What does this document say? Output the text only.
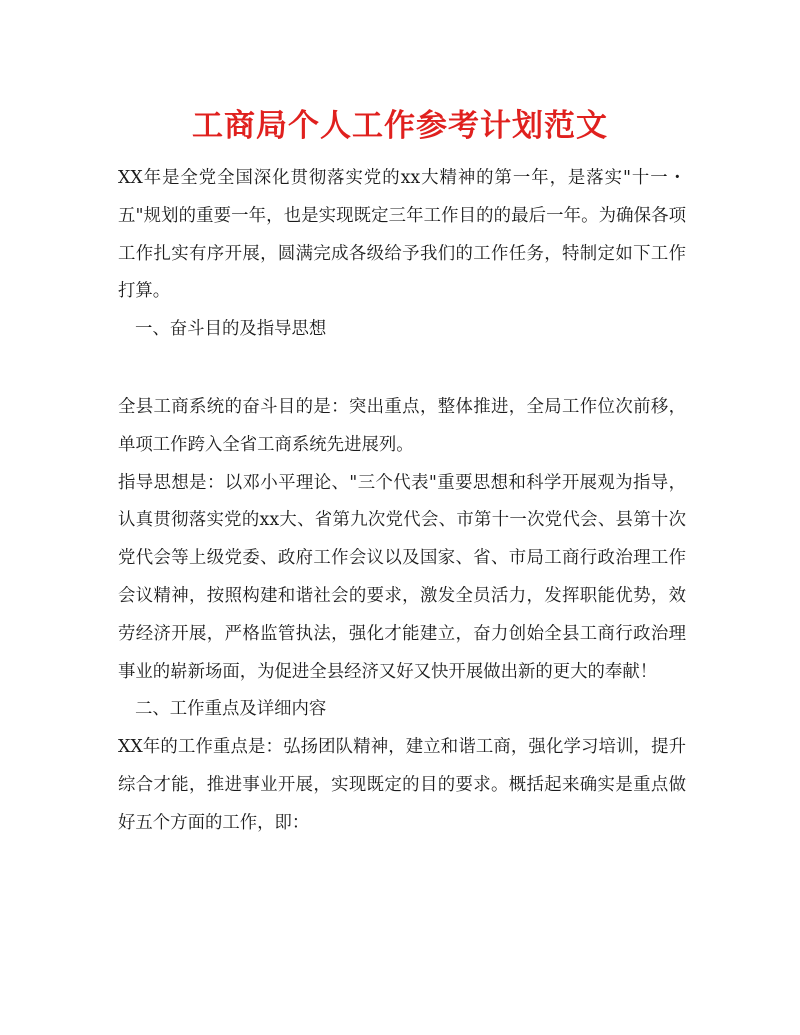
工商局个人工作参考计划范文

XX年是全党全国深化贯彻落实党的xx大精神的第一年，是落实"十一・五"规划的重要一年，也是实现既定三年工作目的的最后一年。为确保各项工作扎实有序开展，圆满完成各级给予我们的工作任务，特制定如下工作打算。

一、奋斗目的及指导思想

全县工商系统的奋斗目的是：突出重点，整体推进，全局工作位次前移，单项工作跨入全省工商系统先进展列。

指导思想是：以邓小平理论、"三个代表"重要思想和科学开展观为指导，认真贯彻落实党的xx大、省第九次党代会、市第十一次党代会、县第十次党代会等上级党委、政府工作会议以及国家、省、市局工商行政治理工作会议精神，按照构建和谐社会的要求，激发全员活力，发挥职能优势，效劳经济开展，严格监管执法，强化才能建立，奋力创始全县工商行政治理事业的崭新场面，为促进全县经济又好又快开展做出新的更大的奉献！

二、工作重点及详细内容

XX年的工作重点是：弘扬团队精神，建立和谐工商，强化学习培训，提升综合才能，推进事业开展，实现既定的目的要求。概括起来确实是重点做好五个方面的工作，即：
